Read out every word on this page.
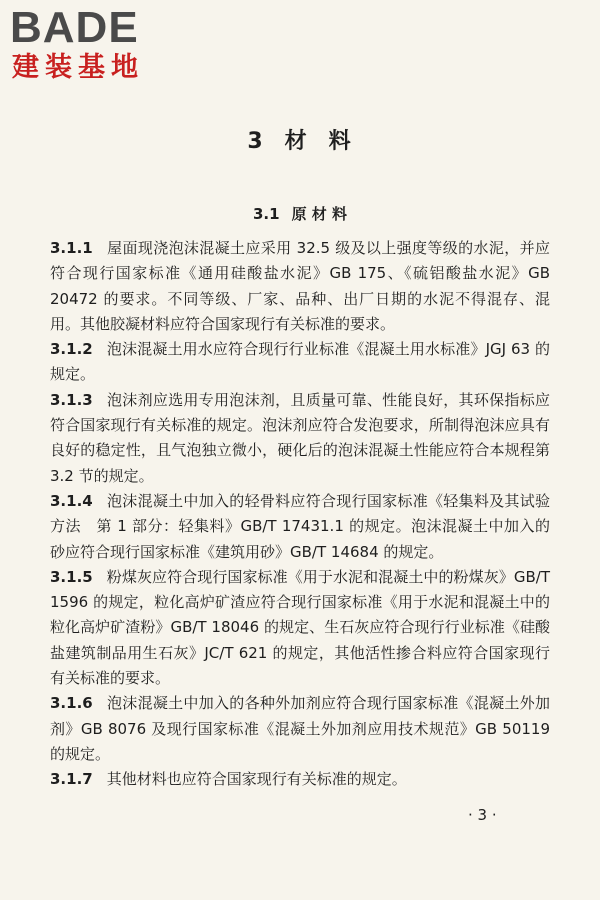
BADE
建装基地
3 材 料
3.1 原 材 料

3.1.1 屋面现浇泡沫混凝土应采用 32.5 级及以上强度等级的水泥，并应符合现行国家标准《通用硅酸盐水泥》GB 175、《硫铝酸盐水泥》GB 20472 的要求。不同等级、厂家、品种、出厂日期的水泥不得混存、混用。其他胶凝材料应符合国家现行有关标准的要求。

3.1.2 泡沫混凝土用水应符合现行行业标准《混凝土用水标准》JGJ 63 的规定。

3.1.3 泡沫剂应选用专用泡沫剂，且质量可靠、性能良好，其环保指标应符合国家现行有关标准的规定。泡沫剂应符合发泡要求，所制得泡沫应具有良好的稳定性，且气泡独立微小，硬化后的泡沫混凝土性能应符合本规程第 3.2 节的规定。

3.1.4 泡沫混凝土中加入的轻骨料应符合现行国家标准《轻集料及其试验方法　第 1 部分：轻集料》GB/T 17431.1 的规定。泡沫混凝土中加入的砂应符合现行国家标准《建筑用砂》GB/T 14684 的规定。

3.1.5 粉煤灰应符合现行国家标准《用于水泥和混凝土中的粉煤灰》GB/T 1596 的规定，粒化高炉矿渣应符合现行国家标准《用于水泥和混凝土中的粒化高炉矿渣粉》GB/T 18046 的规定、生石灰应符合现行行业标准《硅酸盐建筑制品用生石灰》JC/T 621 的规定，其他活性掺合料应符合国家现行有关标准的要求。

3.1.6 泡沫混凝土中加入的各种外加剂应符合现行国家标准《混凝土外加剂》GB 8076 及现行国家标准《混凝土外加剂应用技术规范》GB 50119 的规定。

3.1.7 其他材料也应符合国家现行有关标准的规定。

· 3 ·
